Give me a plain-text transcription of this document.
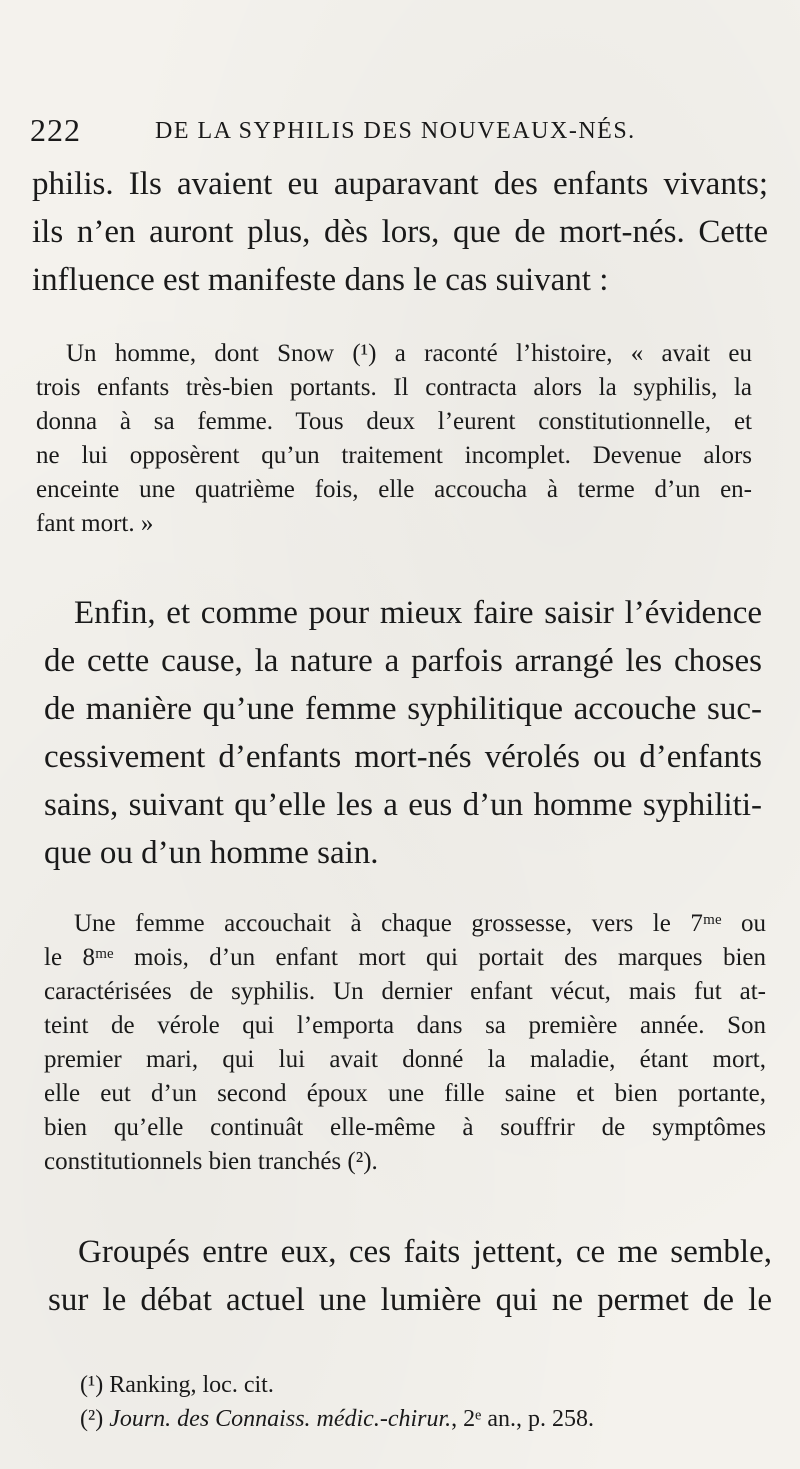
222	DE LA SYPHILIS DES NOUVEAUX-NÉS.
philis. Ils avaient eu auparavant des enfants vivants;
ils n’en auront plus, dès lors, que de mort-nés. Cette
influence est manifeste dans le cas suivant :
Un homme, dont Snow (¹) a raconté l’histoire, « avait eu
trois enfants très-bien portants. Il contracta alors la syphilis, la
donna à sa femme. Tous deux l’eurent constitutionnelle, et
ne lui opposèrent qu’un traitement incomplet. Devenue alors
enceinte une quatrième fois, elle accoucha à terme d’un en-
fant mort. »
Enfin, et comme pour mieux faire saisir l’évidence
de cette cause, la nature a parfois arrangé les choses
de manière qu’une femme syphilitique accouche suc-
cessivement d’enfants mort-nés vérolés ou d’enfants
sains, suivant qu’elle les a eus d’un homme syphiliti-
que ou d’un homme sain.
Une femme accouchait à chaque grossesse, vers le 7ᵐᵉ ou
le 8ᵐᵉ mois, d’un enfant mort qui portait des marques bien
caractérisées de syphilis. Un dernier enfant vécut, mais fut at-
teint de vérole qui l’emporta dans sa première année. Son
premier mari, qui lui avait donné la maladie, étant mort,
elle eut d’un second époux une fille saine et bien portante,
bien qu’elle continuât elle-même à souffrir de symptômes
constitutionnels bien tranchés (²).
Groupés entre eux, ces faits jettent, ce me semble,
sur le débat actuel une lumière qui ne permet de le
(¹) Ranking, loc. cit.
(²) Journ. des Connaiss. médic.-chirur., 2ᵉ an., p. 258.
